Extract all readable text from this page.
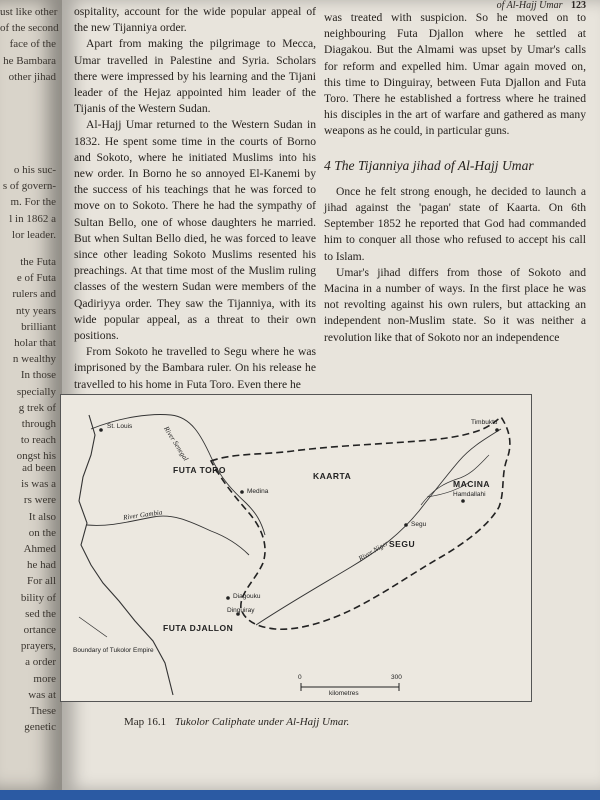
ust like other
of the second
face of the
he Bambara
other jihad
o his suc-
s of govern-
m. For the
l in 1862 a
lor leader.
the Futa
e of Futa
rulers and
nty years
brilliant
holar that
n wealthy
In those
specially
g trek of
through
to reach
ongst his
ad been
is was a
rs were
It also
on the
Ahmed
he had
For all
bility of
sed the
ortance
prayers,
a order
more
was at
These
genetic
of Al-Hajj Umar 123

ospitality, account for the wide popular appeal of the new Tijanniya order.

Apart from making the pilgrimage to Mecca, Umar travelled in Palestine and Syria. Scholars there were impressed by his learning and the Tijani leader of the Hejaz appointed him leader of the Tijanis of the Western Sudan.

Al-Hajj Umar returned to the Western Sudan in 1832. He spent some time in the courts of Borno and Sokoto, where he initiated Muslims into his new order. In Borno he so annoyed El-Kanemi by the success of his teachings that he was forced to move on to Sokoto. There he had the sympathy of Sultan Bello, one of whose daughters he married. But when Sultan Bello died, he was forced to leave since other leading Sokoto Muslims resented his preachings. At that time most of the Muslim ruling classes of the western Sudan were members of the Qadiriyya order. They saw the Tijanniya, with its wide popular appeal, as a threat to their own positions.

From Sokoto he travelled to Segu where he was imprisoned by the Bambara ruler. On his release he travelled to his home in Futa Toro. Even there he

was treated with suspicion. So he moved on to neighbouring Futa Djallon where he settled at Diagakou. But the Almami was upset by Umar's calls for reform and expelled him. Umar again moved on, this time to Dinguiray, between Futa Djallon and Futa Toro. There he established a fortress where he trained his disciples in the art of warfare and gathered as many weapons as he could, in particular guns.

4 The Tijanniya jihad of Al-Hajj Umar

Once he felt strong enough, he decided to launch a jihad against the 'pagan' state of Kaarta. On 6th September 1852 he reported that God had commanded him to conquer all those who refused to accept his call to Islam.

Umar's jihad differs from those of Sokoto and Macina in a number of ways. In the first place he was not revolting against his own rulers, but attacking an independent non-Muslim state. So it was neither a revolution like that of Sokoto nor an independence

Map 16.1 Tukolor Caliphate under Al-Hajj Umar.
St. Louis	River Senegal
FUTA TORO
Medina
KAARTA
MACINA
Hamdallahi
Timbuktu
River Gambia
Segu
SEGU
River Niger
Diagouku
Dinguiray
FUTA DJALLON
Boundary of Tukolor Empire
0	300
kilometres
